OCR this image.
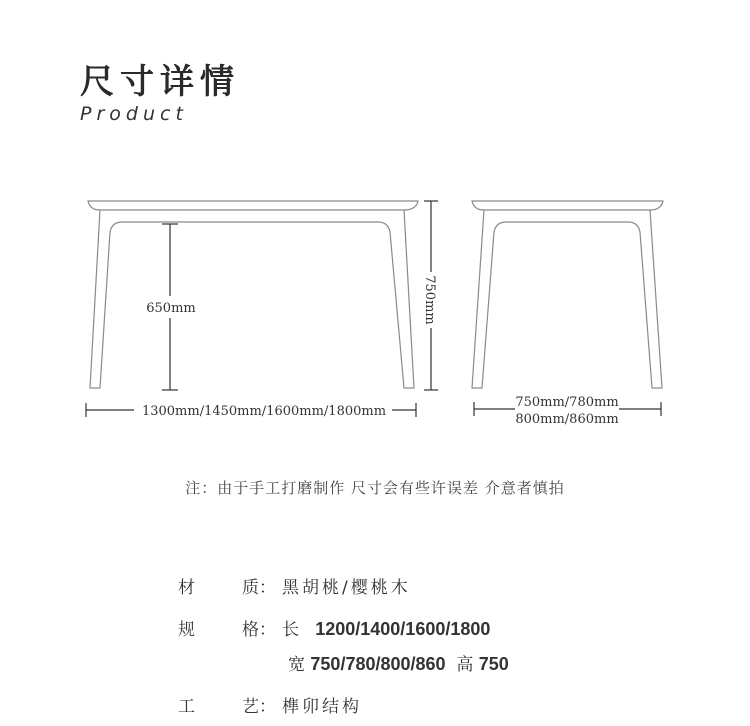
尺寸详情
Product
650mm	750mm
1300mm/1450mm/1600mm/1800mm
750mm/780mm
800mm/860mm
注：由于手工打磨制作 尺寸会有些许误差 介意者慎拍
材	质： 黑胡桃/樱桃木
规	格： 长 1200/1400/1600/1800
宽 750/780/800/860 高 750
工	艺： 榫卯结构
